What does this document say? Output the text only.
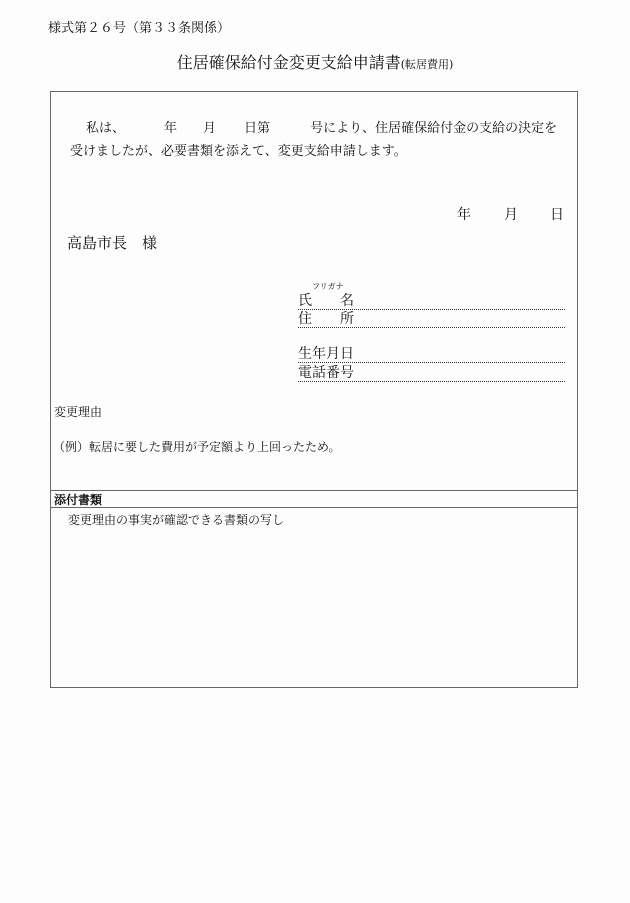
様式第２６号（第３３条関係）
住居確保給付金変更支給申請書(転居費用)
私は、	年 月 日第	号により、住居確保給付金の支給の決定を
受けましたが、必要書類を添えて、変更支給申請します。
年 月 日
高島市長　様
フリガナ
氏　　名
住　　所
生年月日
電話番号
変更理由
（例）転居に要した費用が予定額より上回ったため。
添付書類
変更理由の事実が確認できる書類の写し
